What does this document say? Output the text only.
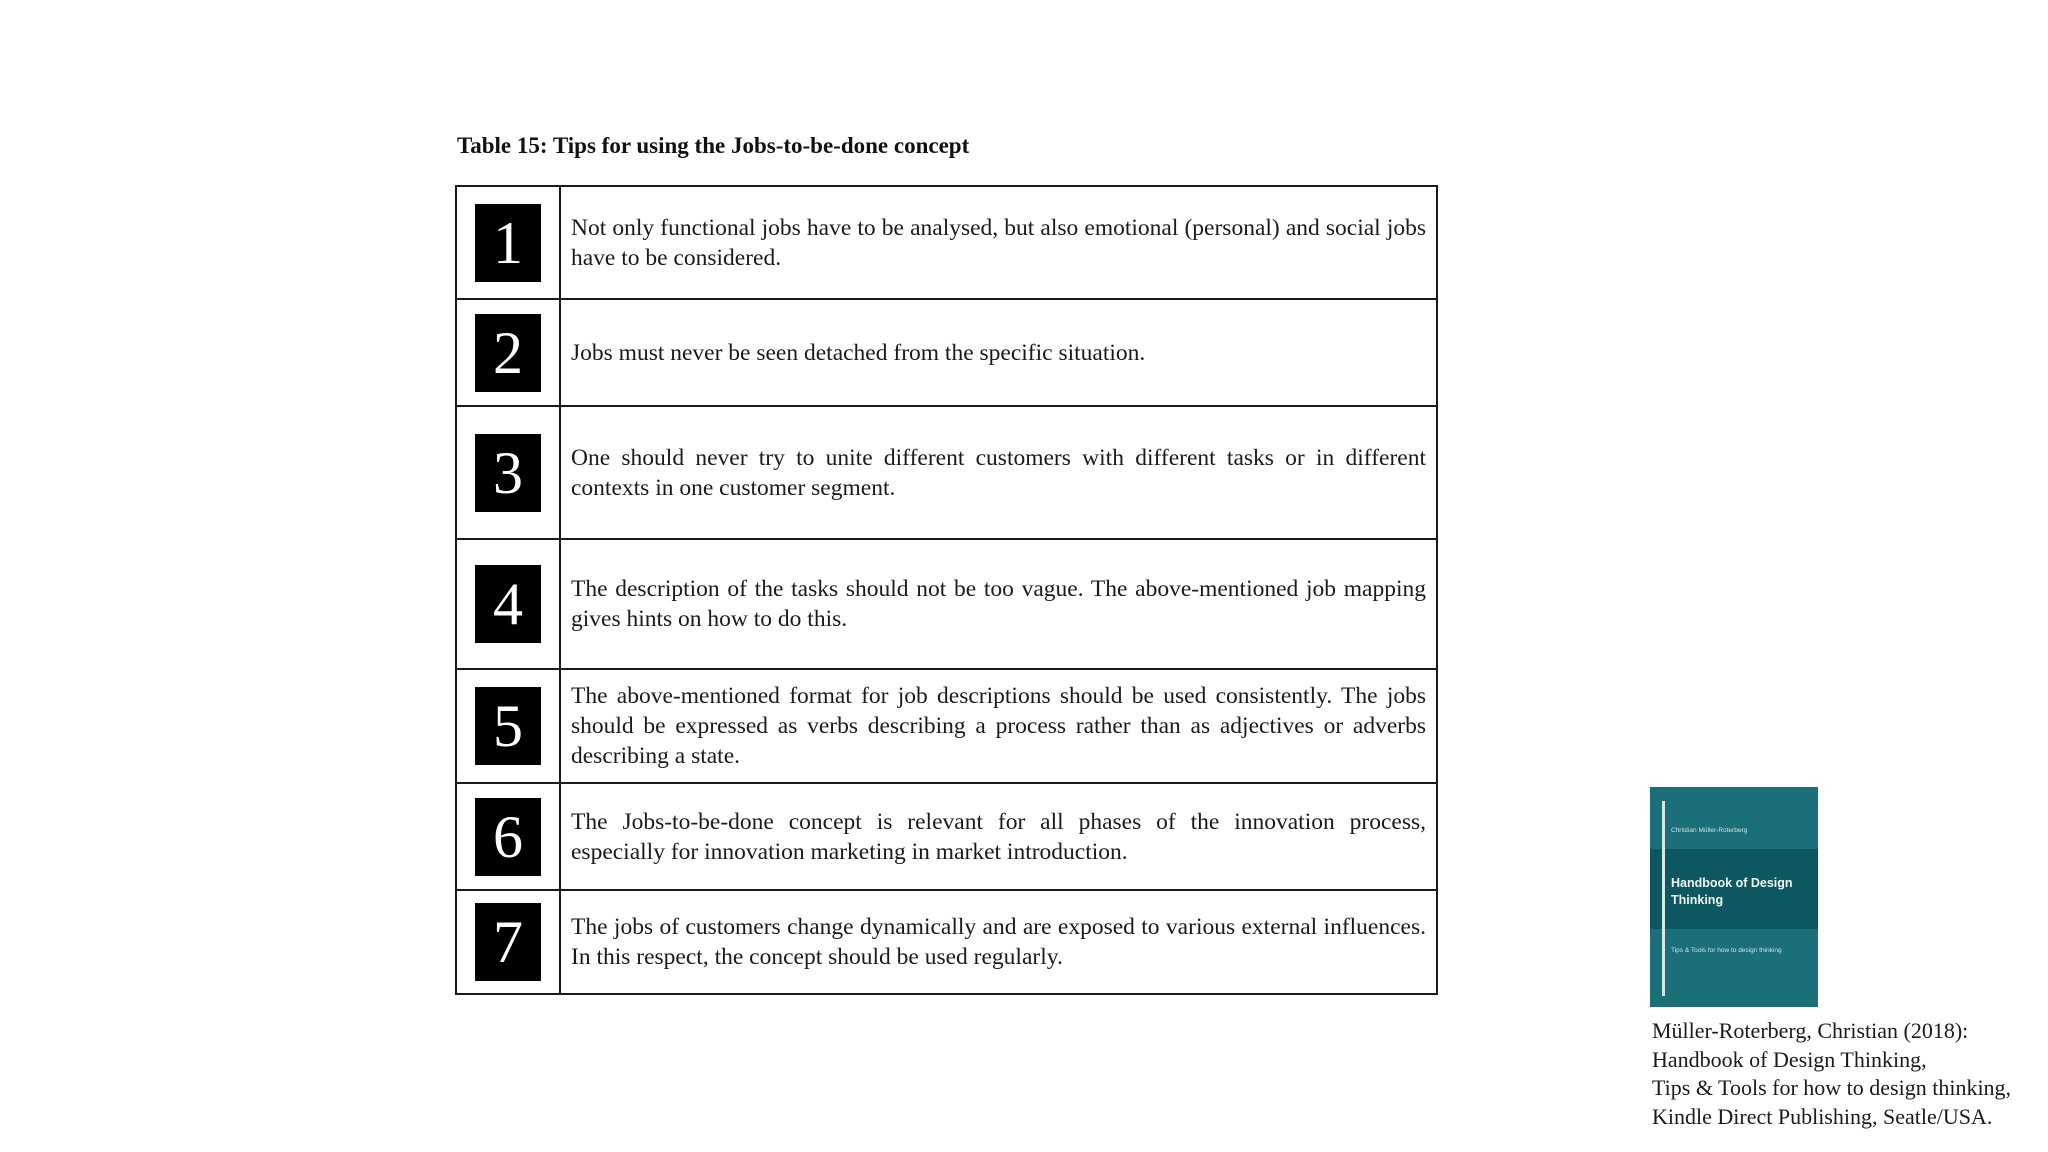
Table 15: Tips for using the Jobs-to-be-done concept
1	Not only functional jobs have to be analysed, but also emotional (personal) and social jobs have to be considered.
2	Jobs must never be seen detached from the specific situation.
3	One should never try to unite different customers with different tasks or in different contexts in one customer segment.
4	The description of the tasks should not be too vague. The above-mentioned job mapping gives hints on how to do this.
5	The above-mentioned format for job descriptions should be used consistently. The jobs should be expressed as verbs describing a process rather than as adjectives or adverbs describing a state.
6	The Jobs-to-be-done concept is relevant for all phases of the innovation process, especially for innovation marketing in market introduction.
7	The jobs of customers change dynamically and are exposed to various external influences. In this respect, the concept should be used regularly.
Christian Müller-Roterberg
Handbook of Design Thinking
Tips & Tools for how to design thinking
Müller-Roterberg, Christian (2018):
Handbook of Design Thinking,
Tips & Tools for how to design thinking,
Kindle Direct Publishing, Seatle/USA.
